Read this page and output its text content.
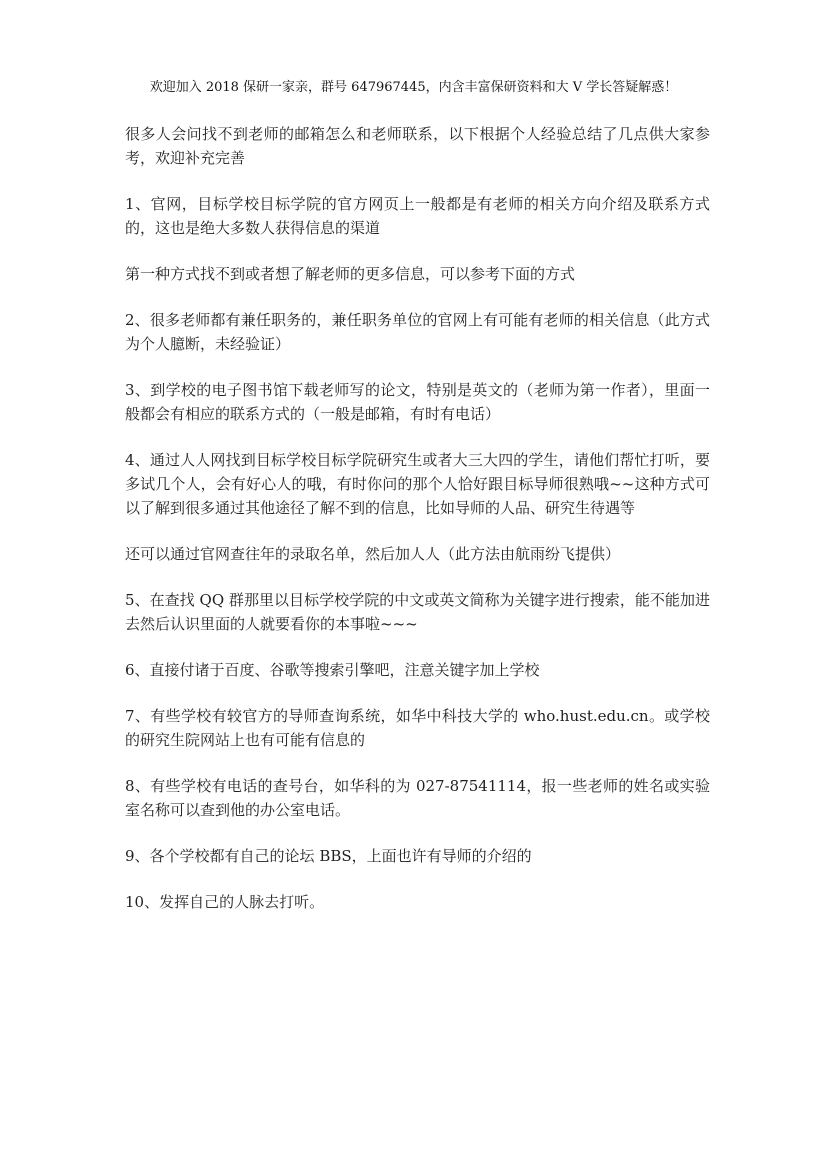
欢迎加入 2018 保研一家亲，群号 647967445，内含丰富保研资料和大 V 学长答疑解惑！

很多人会问找不到老师的邮箱怎么和老师联系，以下根据个人经验总结了几点供大家参考，欢迎补充完善

1、官网，目标学校目标学院的官方网页上一般都是有老师的相关方向介绍及联系方式的，这也是绝大多数人获得信息的渠道

第一种方式找不到或者想了解老师的更多信息，可以参考下面的方式

2、很多老师都有兼任职务的，兼任职务单位的官网上有可能有老师的相关信息（此方式为个人臆断，未经验证）

3、到学校的电子图书馆下载老师写的论文，特别是英文的（老师为第一作者），里面一般都会有相应的联系方式的（一般是邮箱，有时有电话）

4、通过人人网找到目标学校目标学院研究生或者大三大四的学生，请他们帮忙打听，要多试几个人，会有好心人的哦，有时你问的那个人恰好跟目标导师很熟哦~~这种方式可以了解到很多通过其他途径了解不到的信息，比如导师的人品、研究生待遇等

还可以通过官网查往年的录取名单，然后加人人（此方法由航雨纷飞提供）

5、在查找 QQ 群那里以目标学校学院的中文或英文简称为关键字进行搜索，能不能加进去然后认识里面的人就要看你的本事啦~~~

6、直接付诸于百度、谷歌等搜索引擎吧，注意关键字加上学校

7、有些学校有较官方的导师查询系统，如华中科技大学的 who.hust.edu.cn。或学校的研究生院网站上也有可能有信息的

8、有些学校有电话的查号台，如华科的为 027-87541114，报一些老师的姓名或实验室名称可以查到他的办公室电话。

9、各个学校都有自己的论坛 BBS，上面也许有导师的介绍的

10、发挥自己的人脉去打听。
